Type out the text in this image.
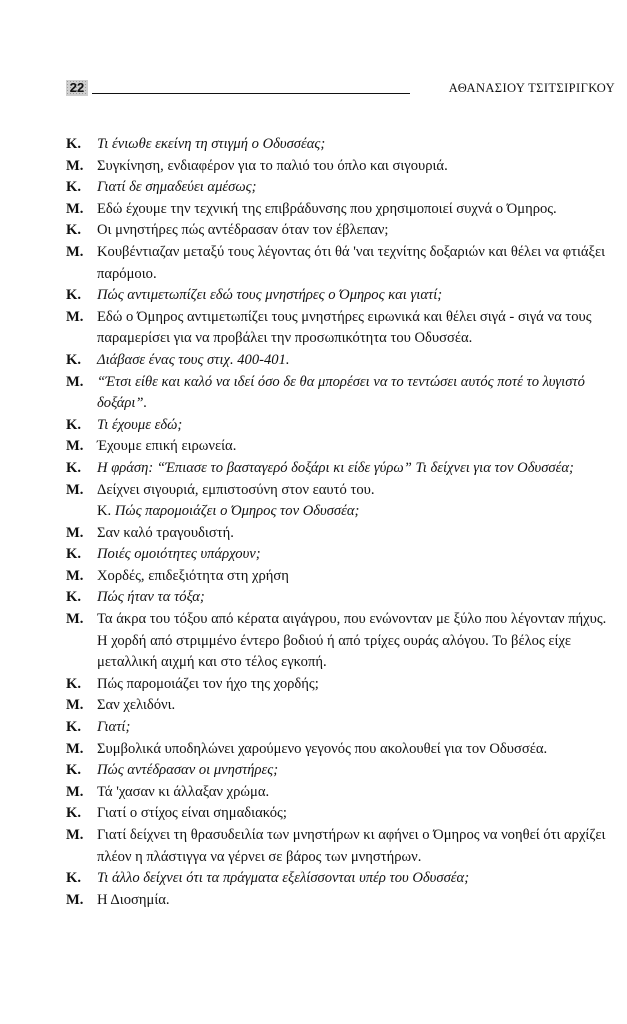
22	ΑΘΑΝΑΣΙΟΥ ΤΣΙΤΣΙΡΙΓΚΟΥ
Κ.	Τι ένιωθε εκείνη τη στιγμή ο Οδυσσέας;
Μ. Συγκίνηση, ενδιαφέρον για το παλιό του όπλο και σιγουριά.
Κ.	Γιατί δε σημαδεύει αμέσως;
Μ. Εδώ έχουμε την τεχνική της επιβράδυνσης που χρησιμοποιεί συχνά ο Όμηρος.
Κ.	Οι μνηστήρες πώς αντέδρασαν όταν τον έβλεπαν;
Μ. Κουβέντιαζαν μεταξύ τους λέγοντας ότι θά 'ναι τεχνίτης δοξαριών και θέλει να φτιάξει παρόμοιο.
Κ.	Πώς αντιμετωπίζει εδώ τους μνηστήρες ο Όμηρος και γιατί;
Μ. Εδώ ο Όμηρος αντιμετωπίζει τους μνηστήρες ειρωνικά και θέλει σιγά - σιγά να τους παραμερίσει για να προβάλει την προσωπικότητα του Οδυσσέα.
Κ.	Διάβασε ένας τους στιχ. 400-401.
Μ. “Έτσι είθε και καλό να ιδεί όσο δε θα μπορέσει να το τεντώσει αυτός ποτέ το λυγιστό δοξάρι”.
Κ.	Τι έχουμε εδώ;
Μ. Έχουμε επική ειρωνεία.
Κ.	Η φράση: “Έπιασε το βασταγερό δοξάρι κι είδε γύρω” Τι δείχνει για τον Οδυσσέα;
Μ. Δείχνει σιγουριά, εμπιστοσύνη στον εαυτό του.
Κ. Πώς παρομοιάζει ο Όμηρος τον Οδυσσέα;
Μ. Σαν καλό τραγουδιστή.
Κ.	Ποιές ομοιότητες υπάρχουν;
Μ. Χορδές, επιδεξιότητα στη χρήση
Κ.	Πώς ήταν τα τόξα;
Μ. Τα άκρα του τόξου από κέρατα αιγάγρου, που ενώνονταν με ξύλο που λέγονταν πήχυς. Η χορδή από στριμμένο έντερο βοδιού ή από τρίχες ουράς αλόγου. Το βέλος είχε μεταλλική αιχμή και στο τέλος εγκοπή.
Κ.	Πώς παρομοιάζει τον ήχο της χορδής;
Μ. Σαν χελιδόνι.
Κ.	Γιατί;
Μ. Συμβολικά υποδηλώνει χαρούμενο γεγονός που ακολουθεί για τον Οδυσσέα.
Κ.	Πώς αντέδρασαν οι μνηστήρες;
Μ. Τά 'χασαν κι άλλαξαν χρώμα.
Κ.	Γιατί ο στίχος είναι σημαδιακός;
Μ. Γιατί δείχνει τη θρασυδειλία των μνηστήρων κι αφήνει ο Όμηρος να νοηθεί ότι αρχίζει πλέον η πλάστιγγα να γέρνει σε βάρος των μνηστήρων.
Κ.	Τι άλλο δείχνει ότι τα πράγματα εξελίσσονται υπέρ του Οδυσσέα;
Μ. Η Διοσημία.
